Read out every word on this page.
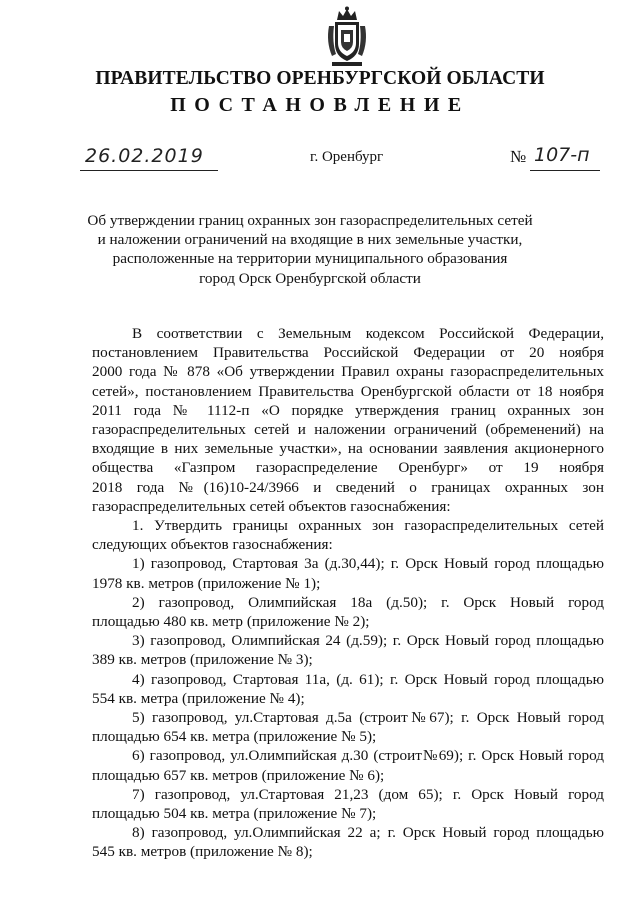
ПРАВИТЕЛЬСТВО ОРЕНБУРГСКОЙ ОБЛАСТИ
ПОСТАНОВЛЕНИЕ
26.02.2019	г. Оренбург	№ 107-п
Об утверждении границ охранных зон газораспределительных сетей
и наложении ограничений на входящие в них земельные участки,
расположенные на территории муниципального образования
город Орск Оренбургской области
В соответствии с Земельным кодексом Российской Федерации,
постановлением Правительства Российской Федерации от 20 ноября
2000 года № 878 «Об утверждении Правил охраны газораспределительных
сетей», постановлением Правительства Оренбургской области от 18 ноября
2011 года № 1112-п «О порядке утверждения границ охранных зон
газораспределительных сетей и наложении ограничений (обременений) на
входящие в них земельные участки», на основании заявления акционерного
общества «Газпром газораспределение Оренбург» от 19 ноября
2018 года №(16)10-24/3966 и сведений о границах охранных зон
газораспределительных сетей объектов газоснабжения:
1. Утвердить границы охранных зон газораспределительных сетей
следующих объектов газоснабжения:
1) газопровод, Стартовая 3а (д.30,44); г. Орск Новый город площадью
1978 кв. метров (приложение № 1);
2) газопровод, Олимпийская 18а (д.50); г. Орск Новый город
площадью 480 кв. метр (приложение № 2);
3) газопровод, Олимпийская 24 (д.59); г. Орск Новый город площадью
389 кв. метров (приложение № 3);
4) газопровод, Стартовая 11а, (д. 61); г. Орск Новый город площадью
554 кв. метра (приложение № 4);
5) газопровод, ул.Стартовая д.5а (строит№67); г. Орск Новый город
площадью 654 кв. метра (приложение № 5);
6) газопровод, ул.Олимпийская д.30 (строит№69); г. Орск Новый город
площадью 657 кв. метров (приложение № 6);
7) газопровод, ул.Стартовая 21,23 (дом 65); г. Орск Новый город
площадью 504 кв. метра (приложение № 7);
8) газопровод, ул.Олимпийская 22 а; г. Орск Новый город площадью
545 кв. метров (приложение № 8);
